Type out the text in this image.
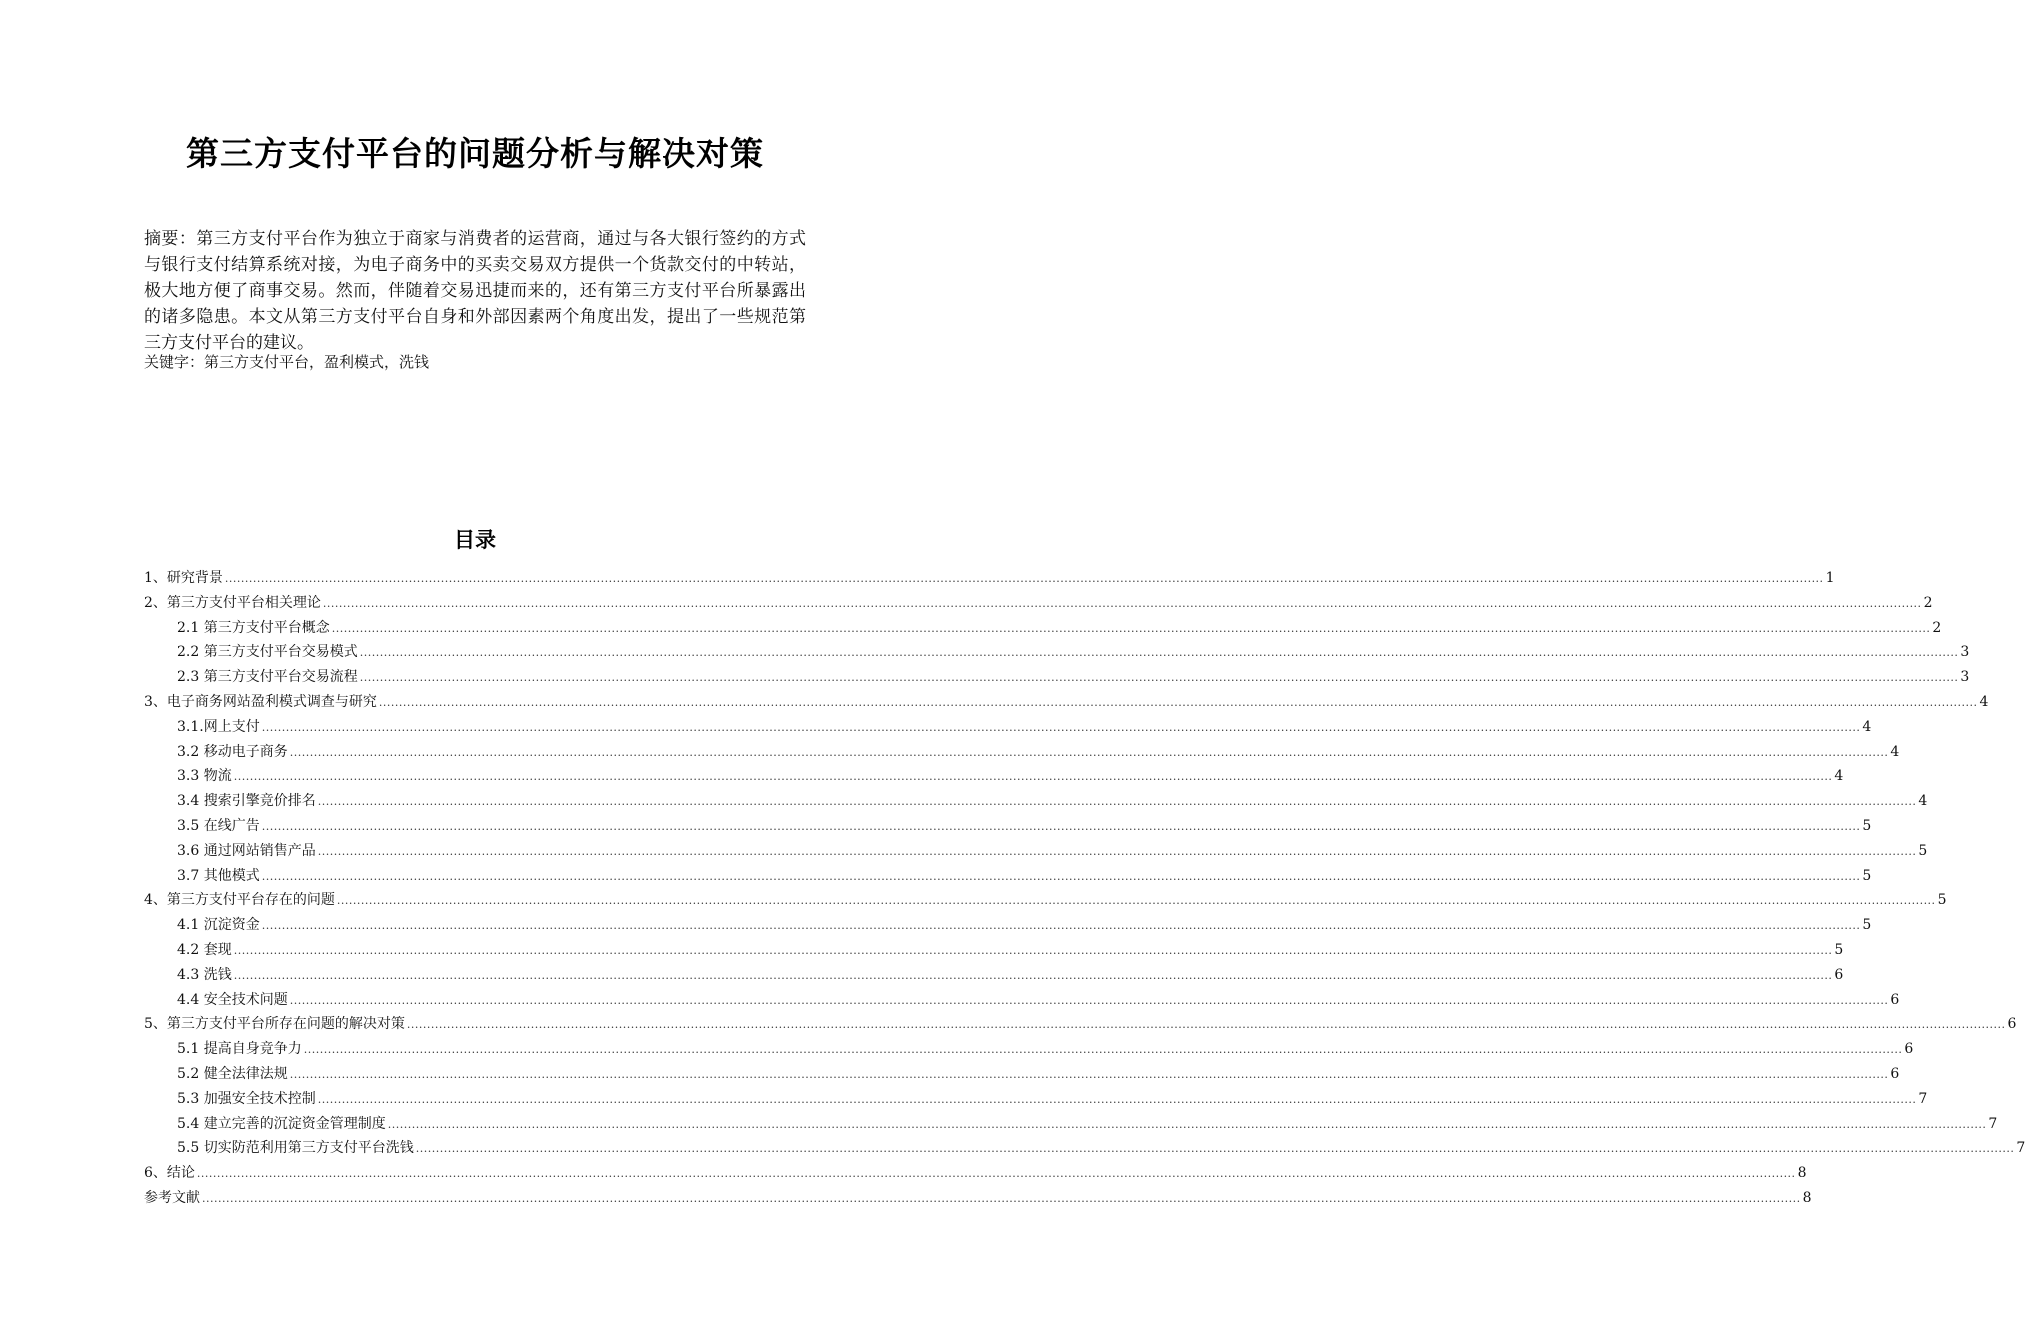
第三方支付平台的问题分析与解决对策
摘要：第三方支付平台作为独立于商家与消费者的运营商，通过与各大银行签约的方式与银行支付结算系统对接，为电子商务中的买卖交易双方提供一个货款交付的中转站，极大地方便了商事交易。然而，伴随着交易迅捷而来的，还有第三方支付平台所暴露出的诸多隐患。本文从第三方支付平台自身和外部因素两个角度出发，提出了一些规范第三方支付平台的建议。
关键字：第三方支付平台，盈利模式，洗钱
目录
1、研究背景 ................................................................................................................................................................................................................................................................................................................................................................................................................ 1
2、第三方支付平台相关理论 ................................................................................................................................................................................................................................................................................................................................................................................................................ 2
2.1 第三方支付平台概念 ................................................................................................................................................................................................................................................................................................................................................................................................................ 2
2.2 第三方支付平台交易模式 ................................................................................................................................................................................................................................................................................................................................................................................................................ 3
2.3 第三方支付平台交易流程 ................................................................................................................................................................................................................................................................................................................................................................................................................ 3
3、电子商务网站盈利模式调查与研究 ................................................................................................................................................................................................................................................................................................................................................................................................................ 4
3.1.网上支付 ................................................................................................................................................................................................................................................................................................................................................................................................................ 4
3.2 移动电子商务 ................................................................................................................................................................................................................................................................................................................................................................................................................ 4
3.3 物流 ................................................................................................................................................................................................................................................................................................................................................................................................................ 4
3.4 搜索引擎竞价排名 ................................................................................................................................................................................................................................................................................................................................................................................................................ 4
3.5 在线广告 ................................................................................................................................................................................................................................................................................................................................................................................................................ 5
3.6 通过网站销售产品 ................................................................................................................................................................................................................................................................................................................................................................................................................ 5
3.7 其他模式 ................................................................................................................................................................................................................................................................................................................................................................................................................ 5
4、第三方支付平台存在的问题 ................................................................................................................................................................................................................................................................................................................................................................................................................ 5
4.1 沉淀资金 ................................................................................................................................................................................................................................................................................................................................................................................................................ 5
4.2 套现 ................................................................................................................................................................................................................................................................................................................................................................................................................ 5
4.3 洗钱 ................................................................................................................................................................................................................................................................................................................................................................................................................ 6
4.4 安全技术问题 ................................................................................................................................................................................................................................................................................................................................................................................................................ 6
5、第三方支付平台所存在问题的解决对策 ................................................................................................................................................................................................................................................................................................................................................................................................................ 6
5.1 提高自身竞争力 ................................................................................................................................................................................................................................................................................................................................................................................................................ 6
5.2 健全法律法规 ................................................................................................................................................................................................................................................................................................................................................................................................................ 6
5.3 加强安全技术控制 ................................................................................................................................................................................................................................................................................................................................................................................................................ 7
5.4 建立完善的沉淀资金管理制度 ................................................................................................................................................................................................................................................................................................................................................................................................................ 7
5.5 切实防范利用第三方支付平台洗钱 ................................................................................................................................................................................................................................................................................................................................................................................................................ 7
6、结论 ................................................................................................................................................................................................................................................................................................................................................................................................................ 8
参考文献 ................................................................................................................................................................................................................................................................................................................................................................................................................ 8
